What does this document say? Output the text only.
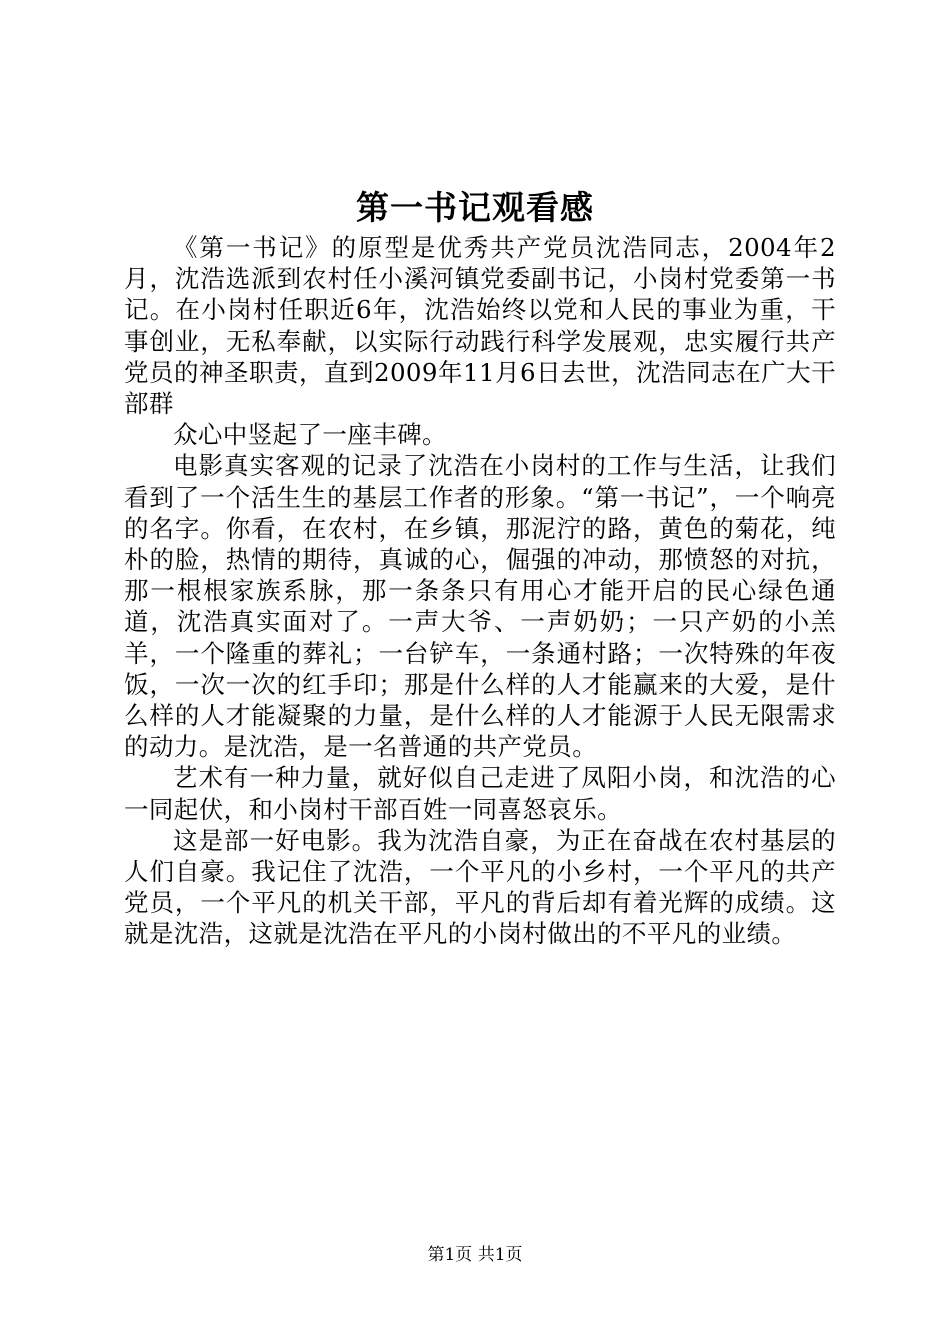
第一书记观看感

《第一书记》的原型是优秀共产党员沈浩同志，2004年2月，沈浩选派到农村任小溪河镇党委副书记，小岗村党委第一书记。在小岗村任职近6年，沈浩始终以党和人民的事业为重，干事创业，无私奉献，以实际行动践行科学发展观，忠实履行共产党员的神圣职责，直到2009年11月6日去世，沈浩同志在广大干部群

众心中竖起了一座丰碑。

电影真实客观的记录了沈浩在小岗村的工作与生活，让我们看到了一个活生生的基层工作者的形象。“第一书记”，一个响亮的名字。你看，在农村，在乡镇，那泥泞的路，黄色的菊花，纯朴的脸，热情的期待，真诚的心，倔强的冲动，那愤怒的对抗，那一根根家族系脉，那一条条只有用心才能开启的民心绿色通道，沈浩真实面对了。一声大爷、一声奶奶；一只产奶的小羔羊，一个隆重的葬礼；一台铲车，一条通村路；一次特殊的年夜饭，一次一次的红手印；那是什么样的人才能赢来的大爱，是什么样的人才能凝聚的力量，是什么样的人才能源于人民无限需求的动力。是沈浩，是一名普通的共产党员。

艺术有一种力量，就好似自己走进了凤阳小岗，和沈浩的心一同起伏，和小岗村干部百姓一同喜怒哀乐。

这是部一好电影。我为沈浩自豪，为正在奋战在农村基层的人们自豪。我记住了沈浩，一个平凡的小乡村，一个平凡的共产党员，一个平凡的机关干部，平凡的背后却有着光辉的成绩。这就是沈浩，这就是沈浩在平凡的小岗村做出的不平凡的业绩。

第1页 共1页
